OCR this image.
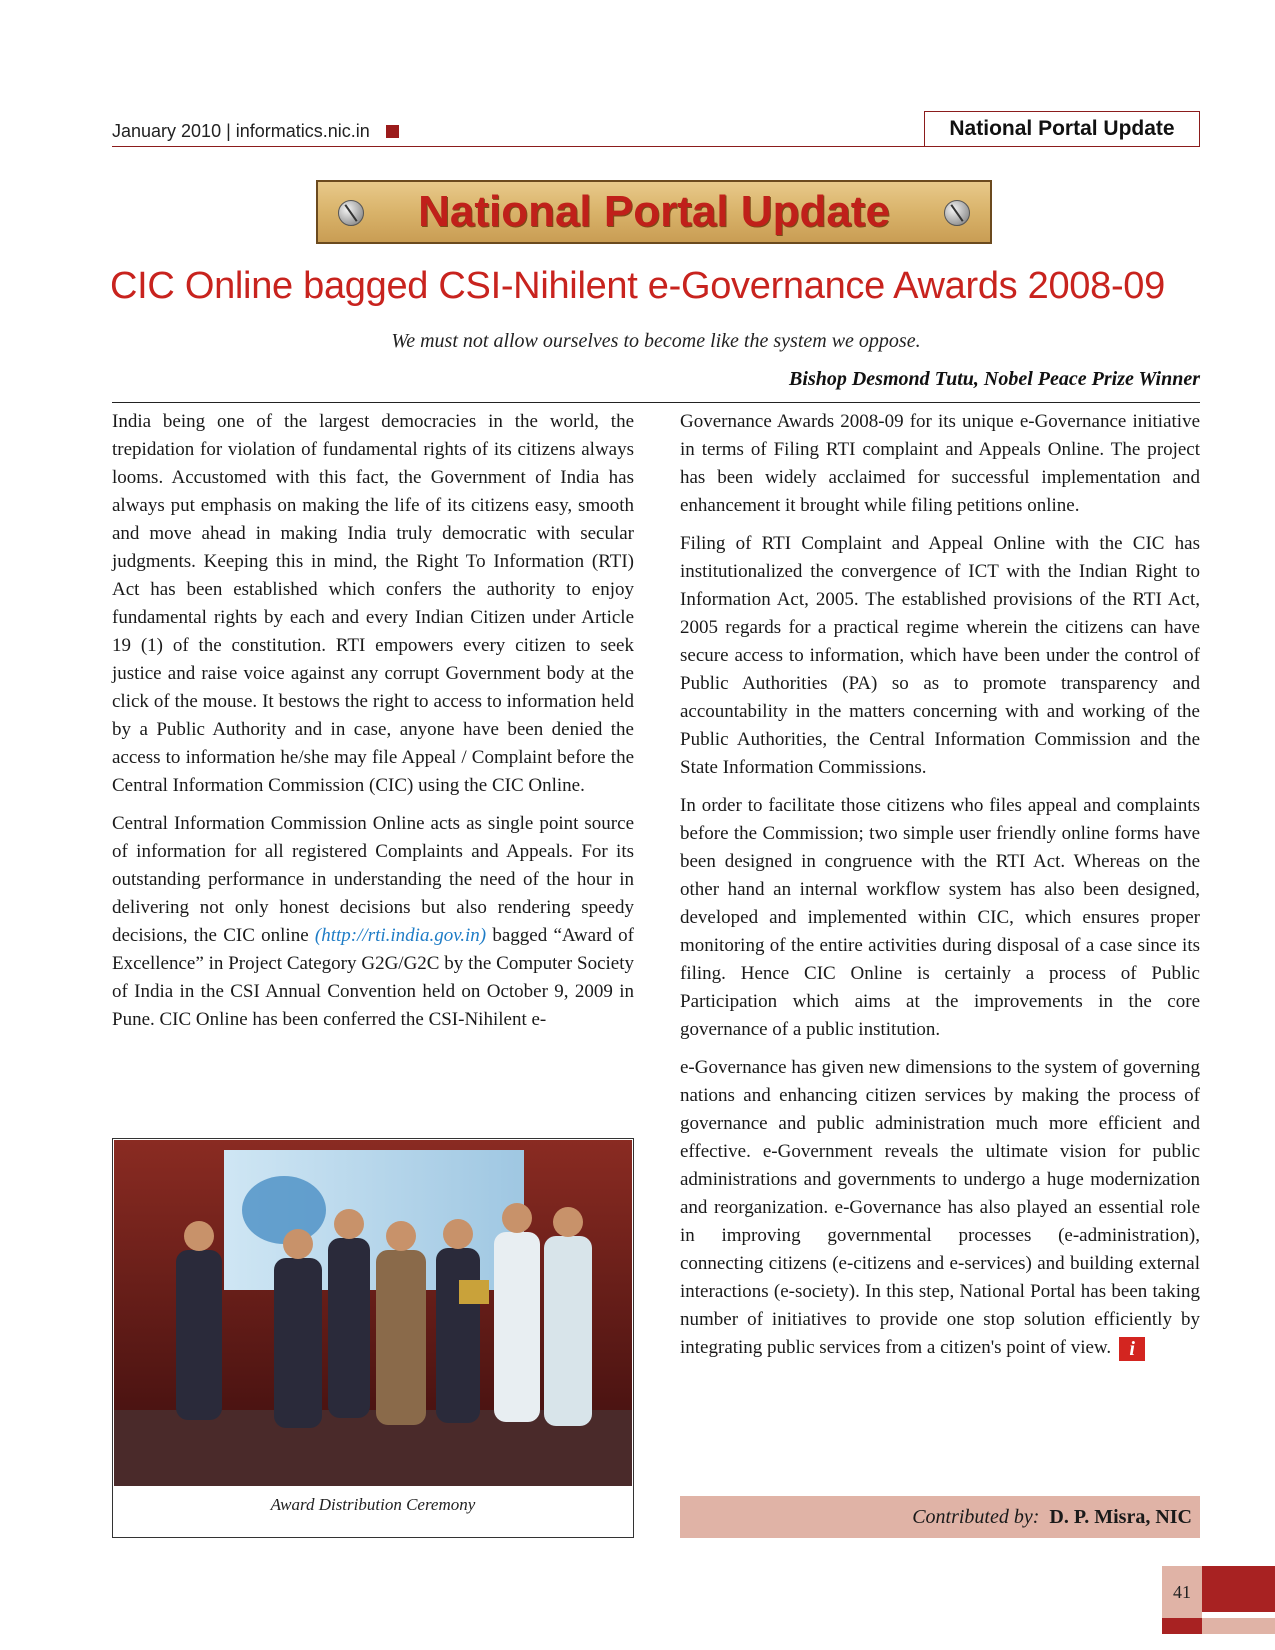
January 2010 | informatics.nic.in	National Portal Update
National Portal Update
CIC Online bagged CSI-Nihilent e-Governance Awards 2008-09
We must not allow ourselves to become like the system we oppose.
Bishop Desmond Tutu, Nobel Peace Prize Winner

India being one of the largest democracies in the world, the trepidation for violation of fundamental rights of its citizens always looms. Accustomed with this fact, the Government of India has always put emphasis on making the life of its citizens easy, smooth and move ahead in making India truly democratic with secular judgments. Keeping this in mind, the Right To Information (RTI) Act has been established which confers the authority to enjoy fundamental rights by each and every Indian Citizen under Article 19 (1) of the constitution. RTI empowers every citizen to seek justice and raise voice against any corrupt Government body at the click of the mouse. It bestows the right to access to information held by a Public Authority and in case, anyone have been denied the access to information he/she may file Appeal / Complaint before the Central Information Commission (CIC) using the CIC Online.

Central Information Commission Online acts as single point source of information for all registered Complaints and Appeals. For its outstanding performance in understanding the need of the hour in delivering not only honest decisions but also rendering speedy decisions, the CIC online (http://rti.india.gov.in) bagged “Award of Excellence” in Project Category G2G/G2C by the Computer Society of India in the CSI Annual Convention held on October 9, 2009 in Pune. CIC Online has been conferred the CSI-Nihilent e-

Award Distribution Ceremony

Governance Awards 2008-09 for its unique e-Governance initiative in terms of Filing RTI complaint and Appeals Online. The project has been widely acclaimed for successful implementation and enhancement it brought while filing petitions online.

Filing of RTI Complaint and Appeal Online with the CIC has institutionalized the convergence of ICT with the Indian Right to Information Act, 2005. The established provisions of the RTI Act, 2005 regards for a practical regime wherein the citizens can have secure access to information, which have been under the control of Public Authorities (PA) so as to promote transparency and accountability in the matters concerning with and working of the Public Authorities, the Central Information Commission and the State Information Commissions.

In order to facilitate those citizens who files appeal and complaints before the Commission; two simple user friendly online forms have been designed in congruence with the RTI Act. Whereas on the other hand an internal workflow system has also been designed, developed and implemented within CIC, which ensures proper monitoring of the entire activities during disposal of a case since its filing. Hence CIC Online is certainly a process of Public Participation which aims at the improvements in the core governance of a public institution.

e-Governance has given new dimensions to the system of governing nations and enhancing citizen services by making the process of governance and public administration much more efficient and effective. e-Government reveals the ultimate vision for public administrations and governments to undergo a huge modernization and reorganization. e-Governance has also played an essential role in improving governmental processes (e-administration), connecting citizens (e-citizens and e-services) and building external interactions (e-society). In this step, National Portal has been taking number of initiatives to provide one stop solution efficiently by integrating public services from a citizen's point of view. i

Contributed by: D. P. Misra, NIC
41
